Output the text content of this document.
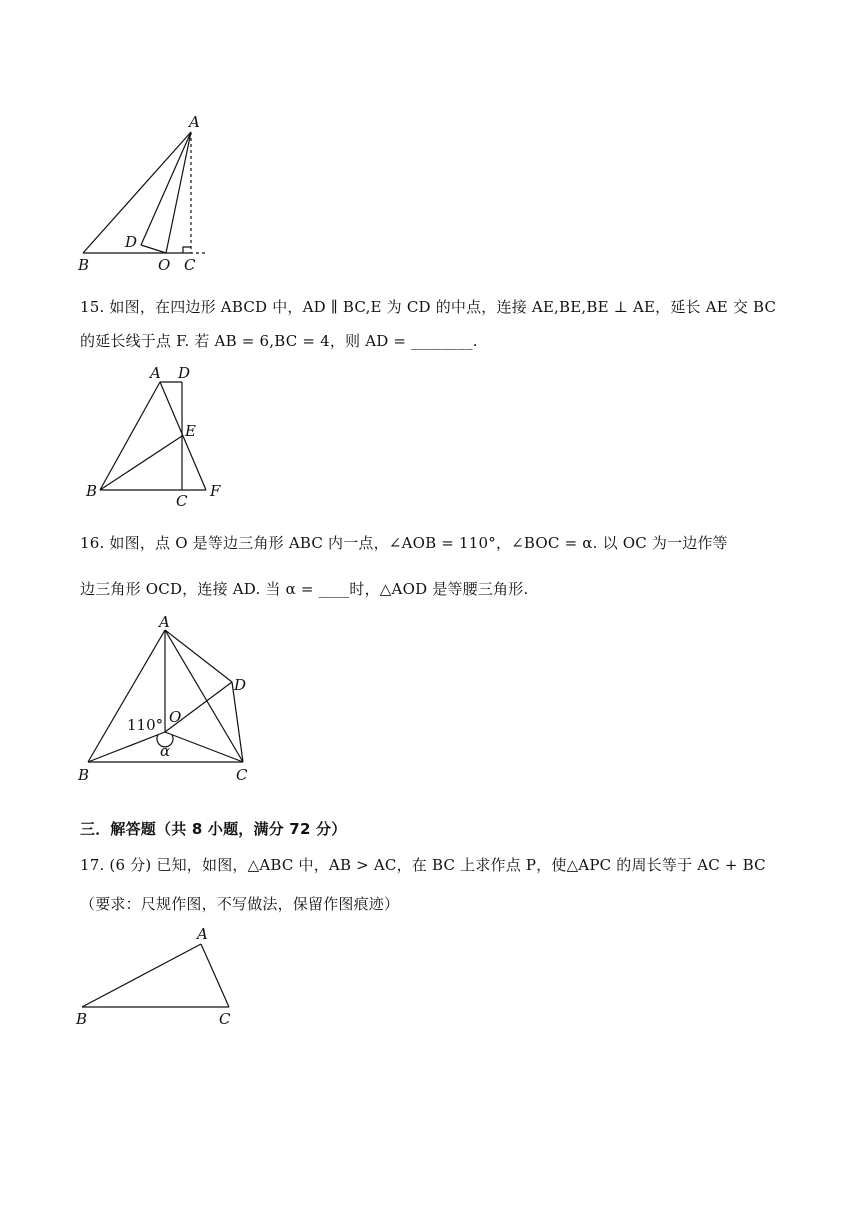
A
D
B	O C
15. 如图，在四边形 ABCD 中，AD ∥ BC,E 为 CD 的中点，连接 AE,BE,BE ⊥ AE，延长 AE 交 BC
的延长线于点 F. 若 AB = 6,BC = 4，则 AD = ________.
A D
E
B
C
F
16. 如图，点 O 是等边三角形 ABC 内一点，∠AOB = 110°，∠BOC = α. 以 OC 为一边作等
边三角形 OCD，连接 AD. 当 α = ____时，△AOD 是等腰三角形.
A
D
O
110°
α
B	C
三．解答题（共 8 小题，满分 72 分）
17. (6 分) 已知，如图，△ABC 中，AB > AC，在 BC 上求作点 P，使△APC 的周长等于 AC + BC
（要求：尺规作图，不写做法，保留作图痕迹）
A
B	C
